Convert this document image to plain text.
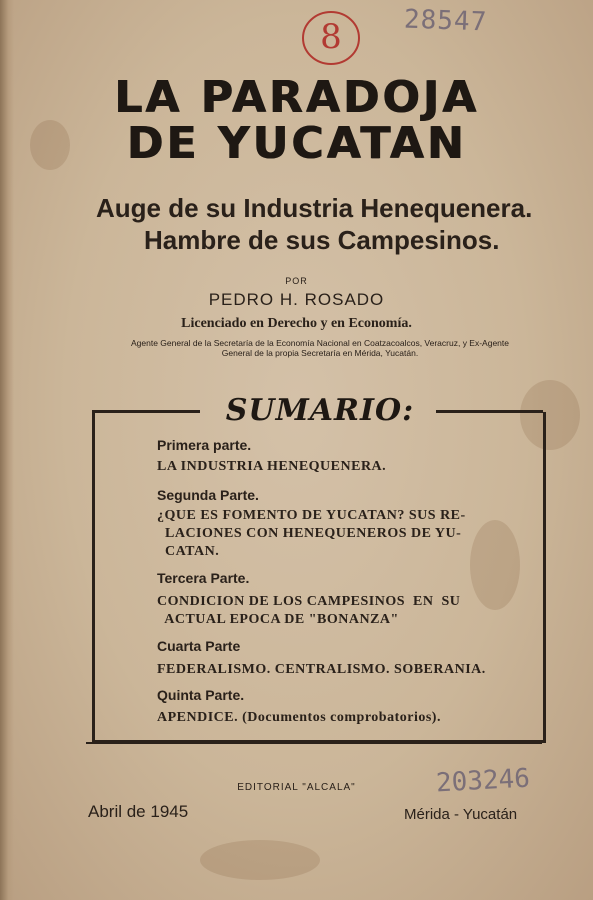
8 28547
LA PARADOJA
DE YUCATAN
Auge de su Industria Henequenera.
Hambre de sus Campesinos.
POR
PEDRO H. ROSADO
Licenciado en Derecho y en Economía.
Agente General de la Secretaría de la Economía Nacional en Coatzacoalcos, Veracruz, y Ex-Agente
General de la propia Secretaría en Mérida, Yucatán.
SUMARIO:
Primera parte.
LA INDUSTRIA HENEQUENERA.
Segunda Parte.
¿QUE ES FOMENTO DE YUCATAN? SUS RE-
LACIONES CON HENEQUENEROS DE YU-
CATAN.
Tercera Parte.
CONDICION DE LOS CAMPESINOS  EN  SU
ACTUAL EPOCA DE "BONANZA"
Cuarta Parte
FEDERALISMO. CENTRALISMO. SOBERANIA.
Quinta Parte.
APENDICE. (Documentos comprobatorios).
EDITORIAL "ALCALA"	203246
Abril de 1945	Mérida - Yucatán
